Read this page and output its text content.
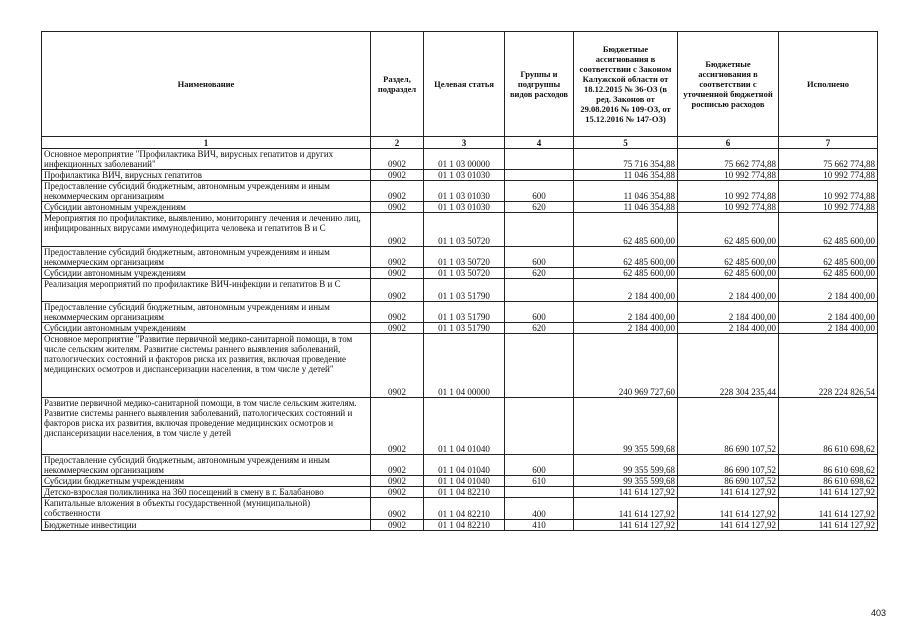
Наименование	Раздел, подраздел	Целевая статья	Группы и подгруппы видов расходов	Бюджетные ассигнования в соответствии с Законом Калужской области от 18.12.2015 № 36-ОЗ (в ред. Законов от 29.08.2016 № 109-ОЗ, от 15.12.2016 № 147-ОЗ)	Бюджетные ассигнования в соответствии с уточненной бюджетной росписью расходов	Исполнено
1	2	3	4	5	6	7
Основное мероприятие "Профилактика ВИЧ, вирусных гепатитов и других инфекционных заболеваний"	0902	01 1 03 00000		75 716 354,88	75 662 774,88	75 662 774,88
Профилактика ВИЧ, вирусных гепатитов	0902	01 1 03 01030		11 046 354,88	10 992 774,88	10 992 774,88
Предоставление субсидий бюджетным, автономным учреждениям и иным некоммерческим организациям	0902	01 1 03 01030	600	11 046 354,88	10 992 774,88	10 992 774,88
Субсидии автономным учреждениям	0902	01 1 03 01030	620	11 046 354,88	10 992 774,88	10 992 774,88
Мероприятия по профилактике, выявлению, мониторингу лечения и лечению лиц, инфицированных вирусами иммунодефицита человека и гепатитов В и С	0902	01 1 03 50720		62 485 600,00	62 485 600,00	62 485 600,00
Предоставление субсидий бюджетным, автономным учреждениям и иным некоммерческим организациям	0902	01 1 03 50720	600	62 485 600,00	62 485 600,00	62 485 600,00
Субсидии автономным учреждениям	0902	01 1 03 50720	620	62 485 600,00	62 485 600,00	62 485 600,00
Реализация мероприятий по профилактике ВИЧ-инфекции и гепатитов В и С	0902	01 1 03 51790		2 184 400,00	2 184 400,00	2 184 400,00
Предоставление субсидий бюджетным, автономным учреждениям и иным некоммерческим организациям	0902	01 1 03 51790	600	2 184 400,00	2 184 400,00	2 184 400,00
Субсидии автономным учреждениям	0902	01 1 03 51790	620	2 184 400,00	2 184 400,00	2 184 400,00
Основное мероприятие "Развитие первичной медико-санитарной помощи, в том числе сельским жителям. Развитие системы раннего выявления заболеваний, патологических состояний и факторов риска их развития, включая проведение медицинских осмотров и диспансеризации населения, в том числе у детей"	0902	01 1 04 00000		240 969 727,60	228 304 235,44	228 224 826,54
Развитие первичной медико-санитарной помощи, в том числе сельским жителям. Развитие системы раннего выявления заболеваний, патологических состояний и факторов риска их развития, включая проведение медицинских осмотров и диспансеризации населения, в том числе у детей	0902	01 1 04 01040		99 355 599,68	86 690 107,52	86 610 698,62
Предоставление субсидий бюджетным, автономным учреждениям и иным некоммерческим организациям	0902	01 1 04 01040	600	99 355 599,68	86 690 107,52	86 610 698,62
Субсидии бюджетным учреждениям	0902	01 1 04 01040	610	99 355 599,68	86 690 107,52	86 610 698,62
Детско-взрослая поликлиника на 360 посещений в смену в г. Балабаново	0902	01 1 04 82210		141 614 127,92	141 614 127,92	141 614 127,92
Капитальные вложения в объекты государственной (муниципальной) собственности	0902	01 1 04 82210	400	141 614 127,92	141 614 127,92	141 614 127,92
Бюджетные инвестиции	0902	01 1 04 82210	410	141 614 127,92	141 614 127,92	141 614 127,92
403
